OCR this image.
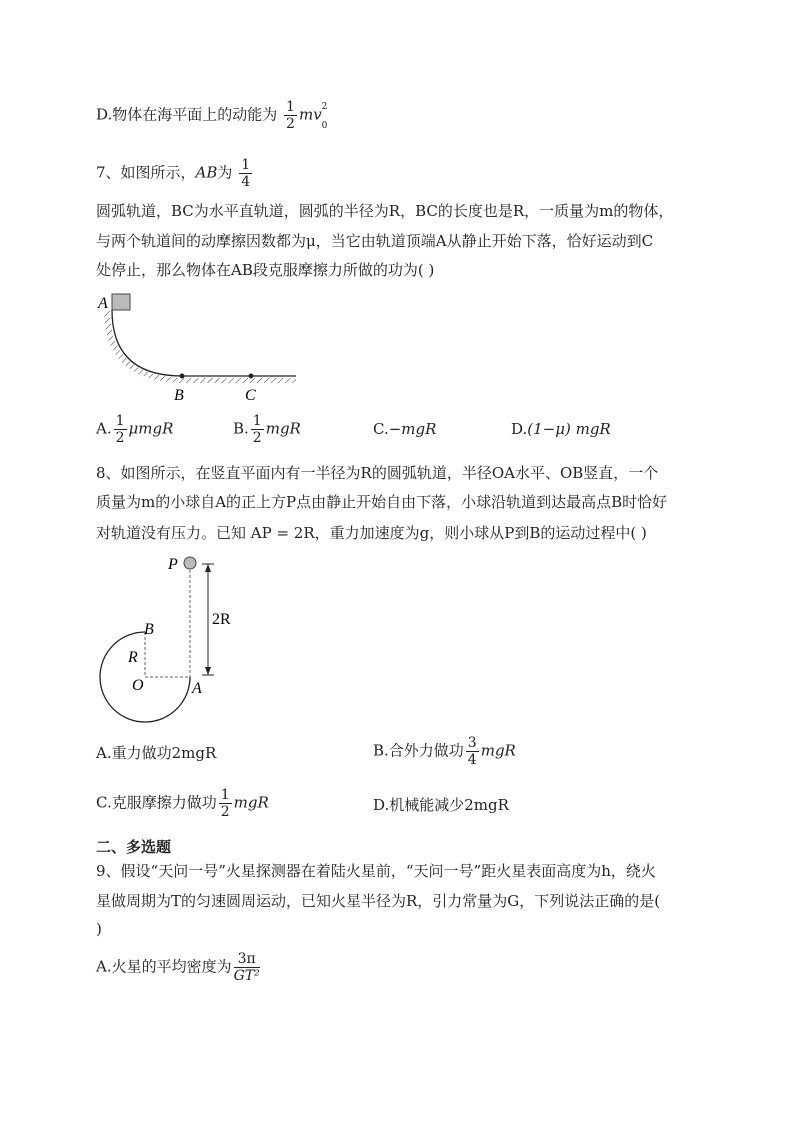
D.物体在海平面上的动能为 $\frac{1}{2}$ mv 2
$_0$
7、如图所示，AB为 $\frac{1}{4}$
圆弧轨道，BC为水平直轨道，圆弧的半径为R，BC的长度也是R，一质量为m的物体，
与两个轨道间的动摩擦因数都为μ，当它由轨道顶端A从静止开始下落，恰好运动到C
处停止，那么物体在AB段克服摩擦力所做的功为( )
A
B	C
A. $\frac{1}{2}$ μmgR	B. $\frac{1}{2}$ mgR	C.−mgR	D.(1−μ) mgR
8、如图所示，在竖直平面内有一半径为R的圆弧轨道，半径OA水平、OB竖直，一个
质量为m的小球自A的正上方P点由静止开始自由下落，小球沿轨道到达最高点B时恰好
对轨道没有压力。已知 AP = 2R，重力加速度为g，则小球从P到B的运动过程中( )
P
B
R
O	A
2R
A.重力做功2mgR	B.合外力做功 $\frac{3}{4}$ mgR
C.克服摩擦力做功 $\frac{1}{2}$ mgR	D.机械能减少2mgR
二、多选题
9、假设“天问一号”火星探测器在着陆火星前，“天问一号”距火星表面高度为h，绕火
星做周期为T的匀速圆周运动，已知火星半径为R，引力常量为G，下列说法正确的是(
)
A.火星的平均密度为 $\frac{3\pi}{\text{GT²}}$
